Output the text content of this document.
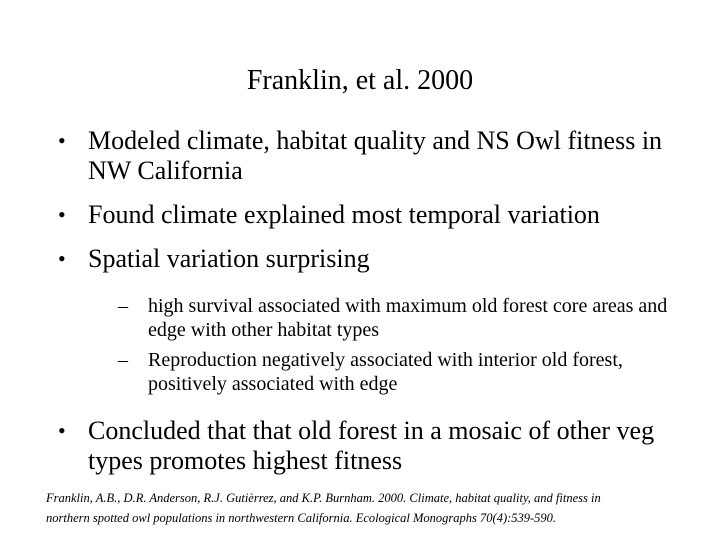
Franklin, et al. 2000
• Modeled climate, habitat quality and NS Owl fitness in NW California
• Found climate explained most temporal variation
• Spatial variation surprising
– high survival associated with maximum old forest core areas and edge with other habitat types
– Reproduction negatively associated with interior old forest, positively associated with edge
• Concluded that that old forest in a mosaic of other veg types promotes highest fitness
Franklin, A.B., D.R. Anderson, R.J. Gutièrrez, and K.P. Burnham. 2000. Climate, habitat quality, and fitness in
northern spotted owl populations in northwestern California. Ecological Monographs 70(4):539-590.
